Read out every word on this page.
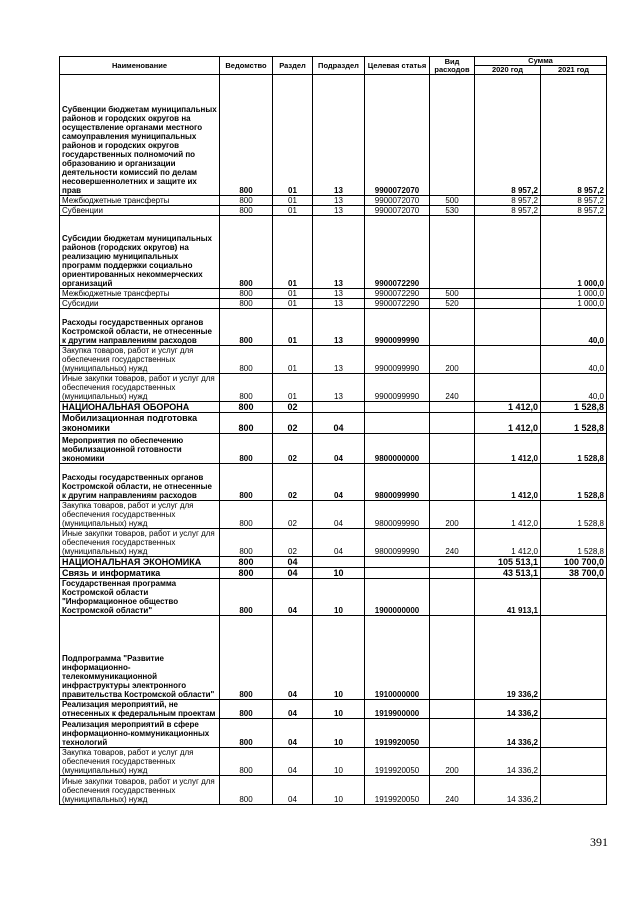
Наименование	Ведомство	Раздел	Подраздел	Целевая статья	Вид расходов	Сумма	
						2020 год	2021 год
Субвенции бюджетам муниципальных районов и городских округов на осуществление органами местного самоуправления муниципальных районов и городских округов государственных полномочий по образованию и организации деятельности комиссий по делам несовершеннолетних и защите их прав	800	01	13	9900072070		8 957,2	8 957,2
Межбюджетные трансферты	800	01	13	9900072070	500	8 957,2	8 957,2
Субвенции	800	01	13	9900072070	530	8 957,2	8 957,2
Субсидии бюджетам муниципальных районов (городских округов) на реализацию муниципальных программ поддержки социально ориентированных некоммерческих организаций	800	01	13	9900072290			1 000,0
Межбюджетные трансферты	800	01	13	9900072290	500		1 000,0
Субсидии	800	01	13	9900072290	520		1 000,0
Расходы государственных органов Костромской области, не отнесенные к другим направлениям расходов	800	01	13	9900099990			40,0
Закупка товаров, работ и услуг для обеспечения государственных (муниципальных) нужд	800	01	13	9900099990	200		40,0
Иные закупки товаров, работ и услуг для обеспечения государственных (муниципальных) нужд	800	01	13	9900099990	240		40,0
НАЦИОНАЛЬНАЯ ОБОРОНА	800	02				1 412,0	1 528,8
Мобилизационная подготовка экономики	800	02	04			1 412,0	1 528,8
Мероприятия по обеспечению мобилизационной готовности экономики	800	02	04	9800000000		1 412,0	1 528,8
Расходы государственных органов Костромской области, не отнесенные к другим направлениям расходов	800	02	04	9800099990		1 412,0	1 528,8
Закупка товаров, работ и услуг для обеспечения государственных (муниципальных) нужд	800	02	04	9800099990	200	1 412,0	1 528,8
Иные закупки товаров, работ и услуг для обеспечения государственных (муниципальных) нужд	800	02	04	9800099990	240	1 412,0	1 528,8
НАЦИОНАЛЬНАЯ ЭКОНОМИКА	800	04				105 513,1	100 700,0
Связь и информатика	800	04	10			43 513,1	38 700,0
Государственная программа Костромской области "Информационное общество Костромской области"	800	04	10	1900000000		41 913,1	
Подпрограмма "Развитие информационно-телекоммуникационной инфраструктуры электронного правительства Костромской области"	800	04	10	1910000000		19 336,2	
Реализация мероприятий, не отнесенных к федеральным проектам	800	04	10	1919900000		14 336,2	
Реализация мероприятий в сфере информационно-коммуникационных технологий	800	04	10	1919920050		14 336,2	
Закупка товаров, работ и услуг для обеспечения государственных (муниципальных) нужд	800	04	10	1919920050	200	14 336,2	
Иные закупки товаров, работ и услуг для обеспечения государственных (муниципальных) нужд	800	04	10	1919920050	240	14 336,2	
391
